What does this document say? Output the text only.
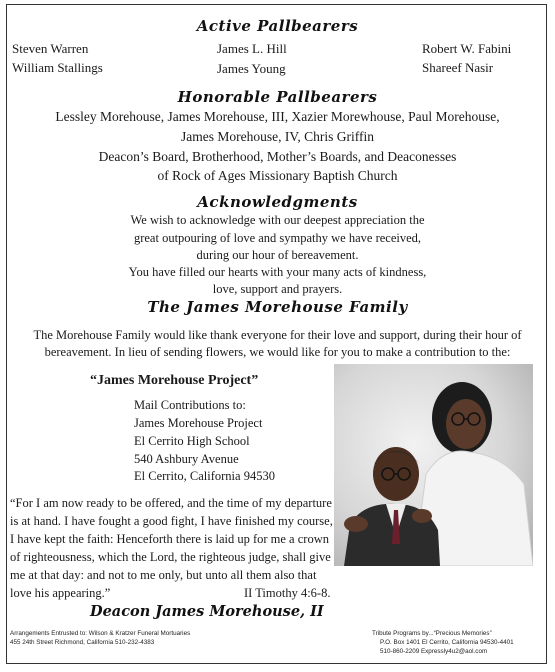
Active Pallbearers
Steven Warren	James L. Hill	Robert W. Fabini
William Stallings	James Young	Shareef Nasir
Honorable Pallbearers
Lessley Morehouse, James Morehouse, III, Xazier Morewhouse, Paul Morehouse,
James Morehouse, IV, Chris Griffin
Deacon’s Board, Brotherhood, Mother’s Boards, and Deaconesses
of Rock of Ages Missionary Baptish Church
Acknowledgments
We wish to acknowledge with our deepest appreciation the
great outpouring of love and sympathy we have received,
during our hour of bereavement.
You have filled our hearts with your many acts of kindness,
love, support and prayers.
The James Morehouse Family
The Morehouse Family would like thank everyone for their love and support, during their hour of
bereavement. In lieu of sending flowers, we would like for you to make a contribution to the:
“James Morehouse Project”
Mail Contributions to:
James Morehouse Project
El Cerrito High School
540 Ashbury Avenue
El Cerrito, California 94530
“For I am now ready to be offered, and the time of my departure
is at hand. I have fought a good fight, I have finished my course,
I have kept the faith: Henceforth there is laid up for me a crown
of righteousness, which the Lord, the righteous judge, shall give
me at that day: and not to me only, but unto all them also that
love his appearing.”	II Timothy 4:6-8.
Deacon James Morehouse, II
Arrangements Entrusted to: Wilson & Kratzer Funeral Mortuaries
455 24th Street Richmond, California 510-232-4383
Tribute Programs by...“Precious Memories”
P.O. Box 1401 El Cerrito, California 94530-4401
510-860-2209 Expressly4u2@aol.com
